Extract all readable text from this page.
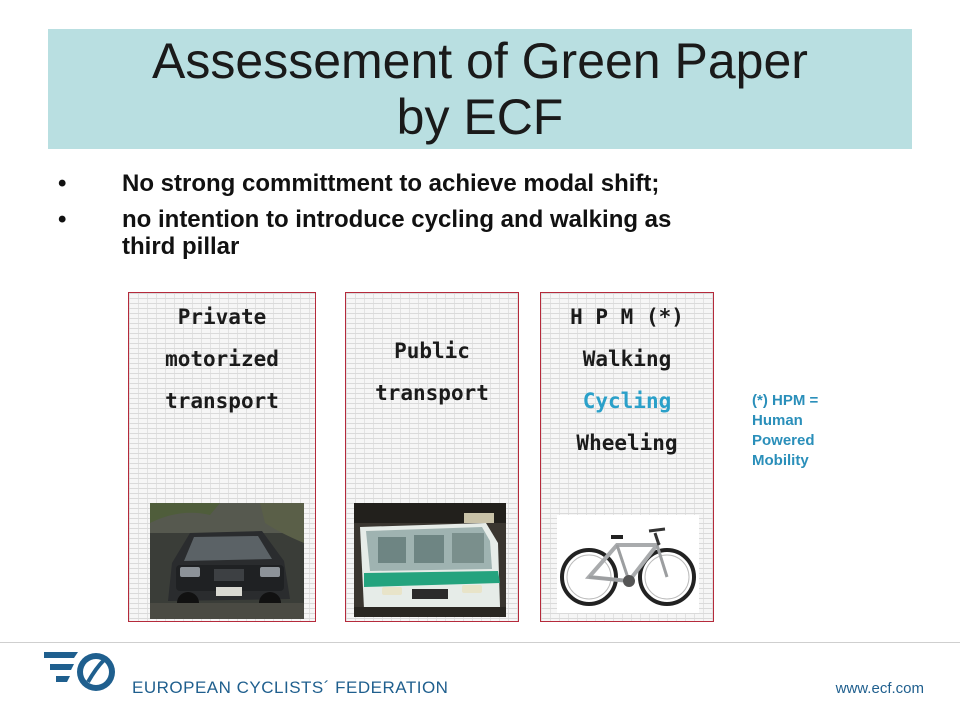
Assessement of Green Paper
by ECF
• No strong committment to achieve modal shift;
• no intention to introduce cycling and walking as
third pillar
Private
motorized
transport
Public
transport
H P M (*)
Walking
Cycling
Wheeling
(*) HPM =
Human
Powered
Mobility
EUROPEAN CYCLISTS´ FEDERATION	www.ecf.com
